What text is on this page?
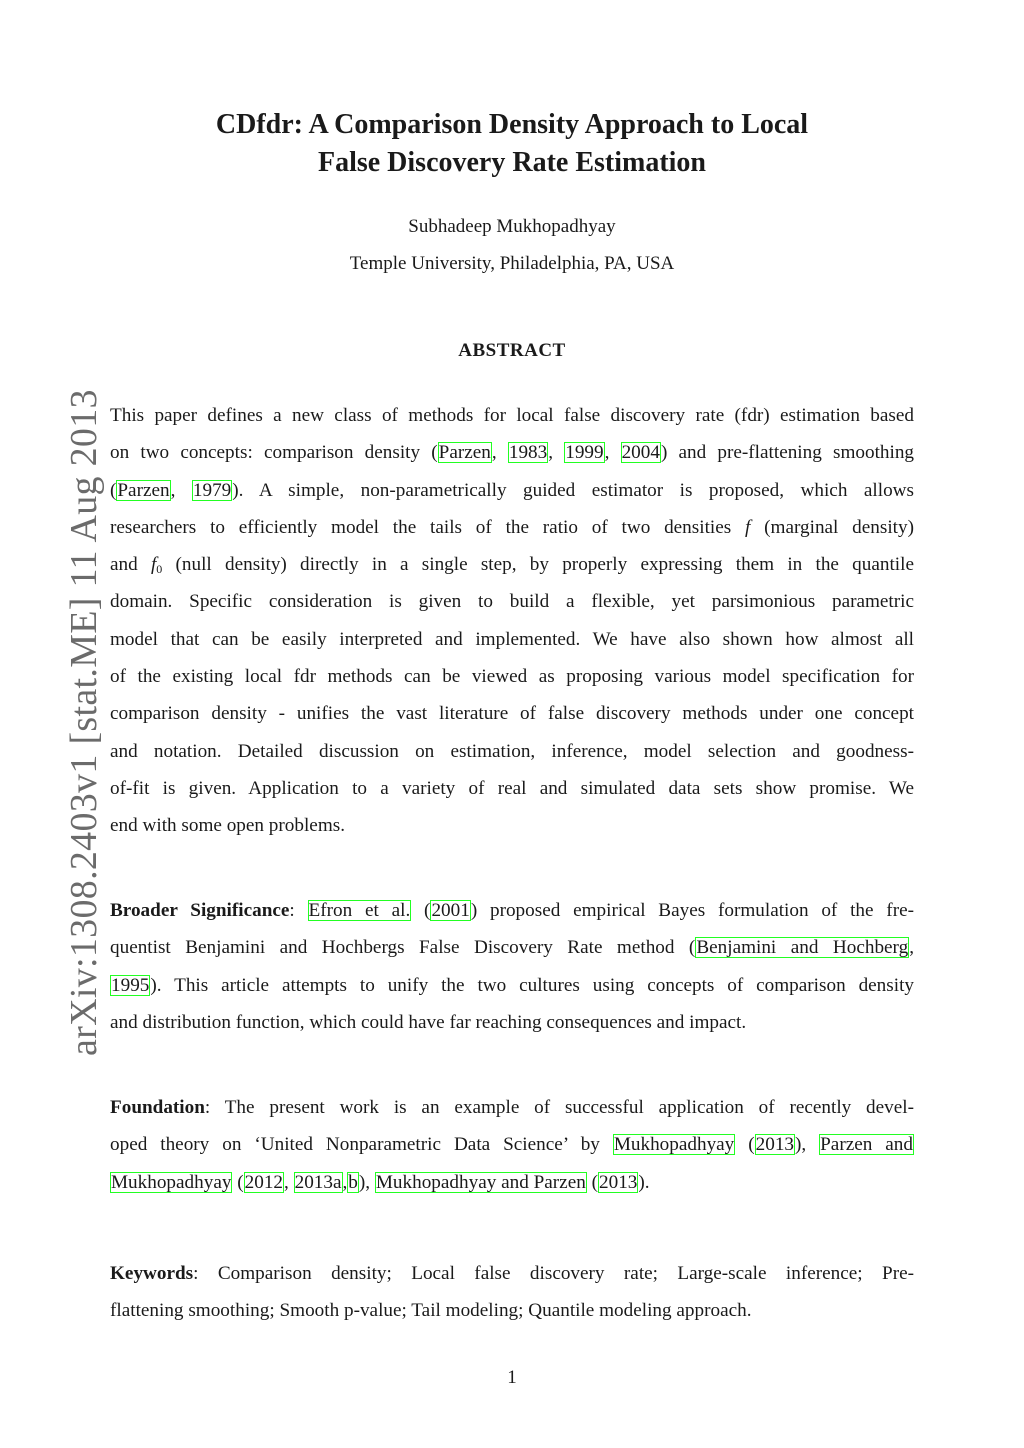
arXiv:1308.2403v1 [stat.ME] 11 Aug 2013
CDfdr: A Comparison Density Approach to Local
False Discovery Rate Estimation
Subhadeep Mukhopadhyay
Temple University, Philadelphia, PA, USA
ABSTRACT
This paper defines a new class of methods for local false discovery rate (fdr) estimation based
on two concepts: comparison density (Parzen, 1983, 1999, 2004) and pre-flattening smoothing
(Parzen, 1979). A simple, non-parametrically guided estimator is proposed, which allows
researchers to efficiently model the tails of the ratio of two densities f (marginal density)
and $f_0$ (null density) directly in a single step, by properly expressing them in the quantile
domain. Specific consideration is given to build a flexible, yet parsimonious parametric
model that can be easily interpreted and implemented. We have also shown how almost all
of the existing local fdr methods can be viewed as proposing various model specification for
comparison density - unifies the vast literature of false discovery methods under one concept
and notation. Detailed discussion on estimation, inference, model selection and goodness-
of-fit is given. Application to a variety of real and simulated data sets show promise. We
end with some open problems.
Broader Significance: Efron et al. (2001) proposed empirical Bayes formulation of the fre-
quentist Benjamini and Hochbergs False Discovery Rate method (Benjamini and Hochberg,
1995). This article attempts to unify the two cultures using concepts of comparison density
and distribution function, which could have far reaching consequences and impact.
Foundation: The present work is an example of successful application of recently devel-
oped theory on ‘United Nonparametric Data Science’ by Mukhopadhyay (2013), Parzen and
Mukhopadhyay (2012, 2013a,b), Mukhopadhyay and Parzen (2013).
Keywords: Comparison density; Local false discovery rate; Large-scale inference; Pre-
flattening smoothing; Smooth p-value; Tail modeling; Quantile modeling approach.
1
